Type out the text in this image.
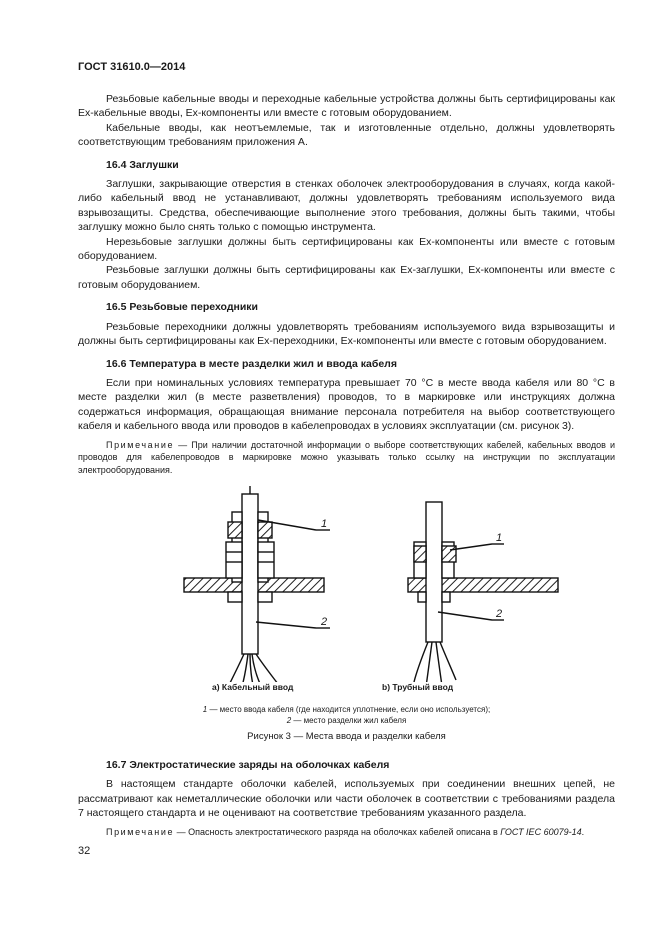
ГОСТ 31610.0—2014

Резьбовые кабельные вводы и переходные кабельные устройства должны быть сертифицированы как Ex-кабельные вводы, Ex-компоненты или вместе с готовым оборудованием.

Кабельные вводы, как неотъемлемые, так и изготовленные отдельно, должны удовлетворять соответствующим требованиям приложения А.

16.4 Заглушки

Заглушки, закрывающие отверстия в стенках оболочек электрооборудования в случаях, когда какой-либо кабельный ввод не устанавливают, должны удовлетворять требованиям используемого вида взрывозащиты. Средства, обеспечивающие выполнение этого требования, должны быть такими, чтобы заглушку можно было снять только с помощью инструмента.

Нерезьбовые заглушки должны быть сертифицированы как Ex-компоненты или вместе с готовым оборудованием.

Резьбовые заглушки должны быть сертифицированы как Ex-заглушки, Ex-компоненты или вместе с готовым оборудованием.

16.5 Резьбовые переходники

Резьбовые переходники должны удовлетворять требованиям используемого вида взрывозащиты и должны быть сертифицированы как Ex-переходники, Ex-компоненты или вместе с готовым оборудованием.

16.6 Температура в месте разделки жил и ввода кабеля

Если при номинальных условиях температура превышает 70 °С в месте ввода кабеля или 80 °С в месте разделки жил (в месте разветвления) проводов, то в маркировке или инструкциях должна содержаться информация, обращающая внимание персонала потребителя на выбор соответствующего кабеля и кабельного ввода или проводов в кабелепроводах в условиях эксплуатации (см. рисунок 3).

Примечание — При наличии достаточной информации о выборе соответствующих кабелей, кабельных вводов и проводов для кабелепроводов в маркировке можно указывать только ссылку на инструкции по эксплуатации электрооборудования.

1
2
1
2
a) Кабельный ввод	b) Трубный ввод
1 — место ввода кабеля (где находится уплотнение, если оно используется);
2 — место разделки жил кабеля
Рисунок 3 — Места ввода и разделки кабеля
16.7 Электростатические заряды на оболочках кабеля

В настоящем стандарте оболочки кабелей, используемых при соединении внешних цепей, не рассматривают как неметаллические оболочки или части оболочек в соответствии с требованиями раздела 7 настоящего стандарта и не оценивают на соответствие требованиям указанного раздела.

Примечание — Опасность электростатического разряда на оболочках кабелей описана в ГОСТ IEC 60079-14.

32
